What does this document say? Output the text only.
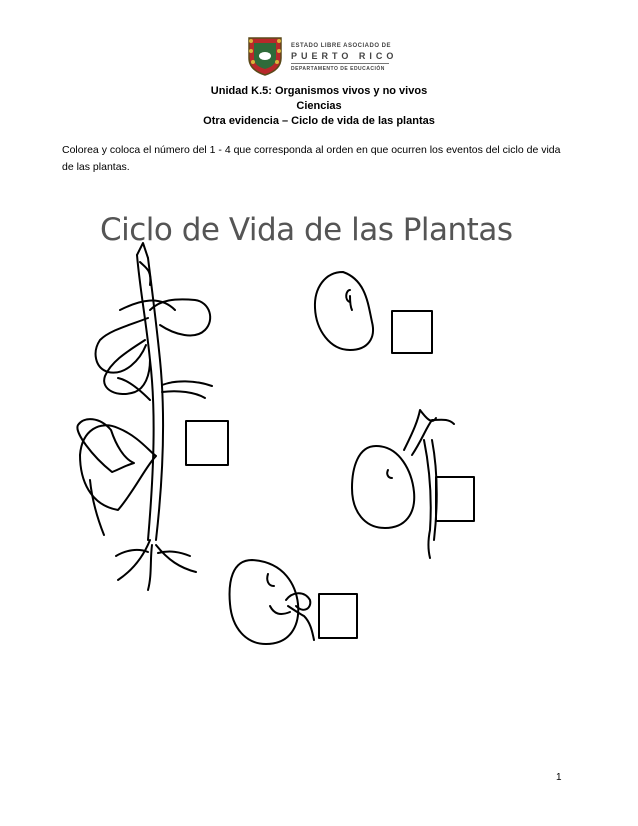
ESTADO LIBRE ASOCIADO DE
PUERTO RICO
DEPARTAMENTO DE EDUCACIÓN
Unidad K.5: Organismos vivos y no vivos
Ciencias
Otra evidencia – Ciclo de vida de las plantas
Colorea y coloca el número del 1 - 4 que corresponda al orden en que ocurren los eventos del ciclo de vida de las plantas.
Ciclo de Vida de las Plantas
1
